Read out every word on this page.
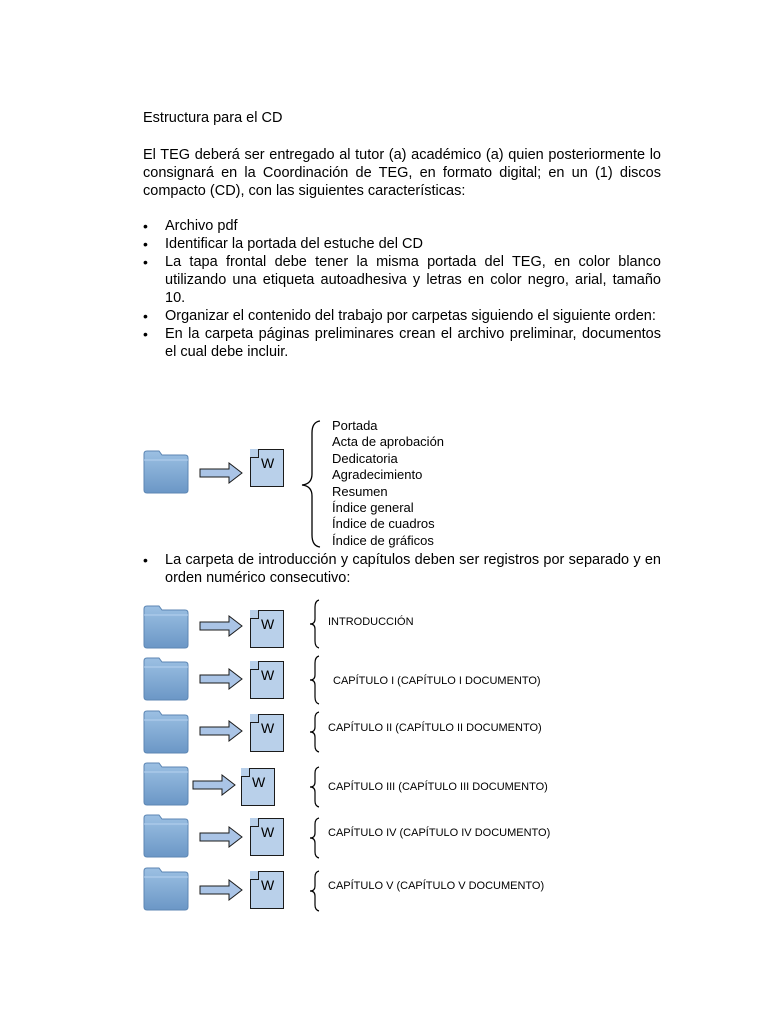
Estructura para el CD
El TEG deberá ser entregado al tutor (a) académico (a) quien posteriormente lo consignará en la Coordinación de TEG, en formato digital; en un (1) discos compacto (CD), con las siguientes características:
• Archivo pdf
• Identificar la portada del estuche del CD
• La tapa frontal debe tener la misma portada del TEG, en color blanco utilizando una etiqueta autoadhesiva y letras en color negro, arial, tamaño 10.
• Organizar el contenido del trabajo por carpetas siguiendo el siguiente orden:
• En la carpeta páginas preliminares crean el archivo preliminar, documentos el cual debe incluir.
W
Portada
Acta de aprobación
Dedicatoria
Agradecimiento
Resumen
Índice general
Índice de cuadros
Índice de gráficos
• La carpeta de introducción y capítulos deben ser registros por separado y en orden numérico consecutivo:
W	INTRODUCCIÓN
W	CAPÍTULO I (CAPÍTULO I DOCUMENTO)
W	CAPÍTULO II (CAPÍTULO II DOCUMENTO)
W	CAPÍTULO III (CAPÍTULO III DOCUMENTO)
W	CAPÍTULO IV (CAPÍTULO IV DOCUMENTO)
W	CAPÍTULO V (CAPÍTULO V DOCUMENTO)
